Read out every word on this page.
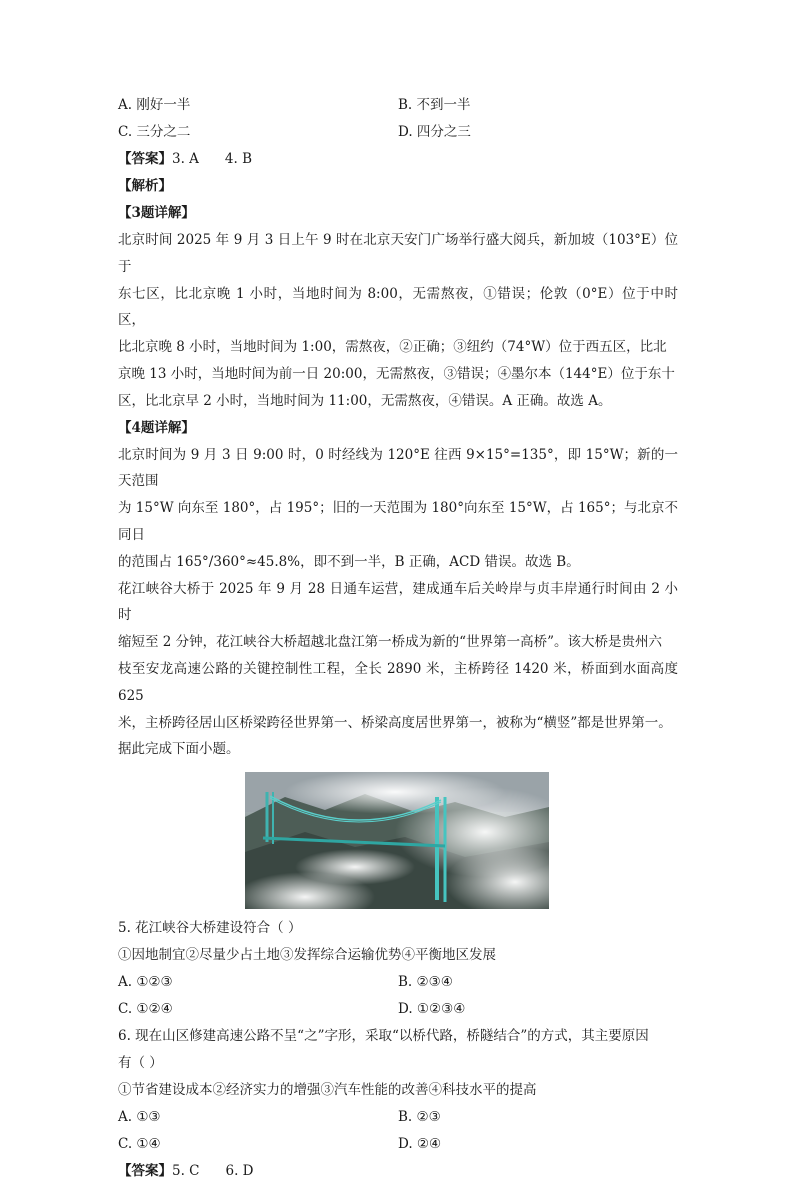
A. 刚好一半	B. 不到一半
C. 三分之二	D. 四分之三
【答案】3. A 4. B
【解析】
【3题详解】
北京时间 2025 年 9 月 3 日上午 9 时在北京天安门广场举行盛大阅兵，新加坡（103°E）位于
东七区，比北京晚 1 小时，当地时间为 8:00，无需熬夜，①错误；伦敦（0°E）位于中时区，
比北京晚 8 小时，当地时间为 1:00，需熬夜，②正确；③纽约（74°W）位于西五区，比北
京晚 13 小时，当地时间为前一日 20:00，无需熬夜，③错误；④墨尔本（144°E）位于东十
区，比北京早 2 小时，当地时间为 11:00，无需熬夜，④错误。A 正确。故选 A。
【4题详解】
北京时间为 9 月 3 日 9:00 时，0 时经线为 120°E 往西 9×15°=135°，即 15°W；新的一天范围
为 15°W 向东至 180°，占 195°；旧的一天范围为 180°向东至 15°W，占 165°；与北京不同日
的范围占 165°/360°≈45.8%，即不到一半，B 正确，ACD 错误。故选 B。
花江峡谷大桥于 2025 年 9 月 28 日通车运营，建成通车后关岭岸与贞丰岸通行时间由 2 小时
缩短至 2 分钟，花江峡谷大桥超越北盘江第一桥成为新的“世界第一高桥”。该大桥是贵州六
枝至安龙高速公路的关键控制性工程，全长 2890 米，主桥跨径 1420 米，桥面到水面高度 625
米，主桥跨径居山区桥梁跨径世界第一、桥梁高度居世界第一，被称为“横竖”都是世界第一。
据此完成下面小题。
5. 花江峡谷大桥建设符合（ ）
①因地制宜②尽量少占土地③发挥综合运输优势④平衡地区发展
A. ①②③	B. ②③④
C. ①②④	D. ①②③④
6. 现在山区修建高速公路不呈“之”字形，采取“以桥代路，桥隧结合”的方式，其主要原因
有（ ）
①节省建设成本②经济实力的增强③汽车性能的改善④科技水平的提高
A. ①③	B. ②③
C. ①④	D. ②④
【答案】5. C 6. D
